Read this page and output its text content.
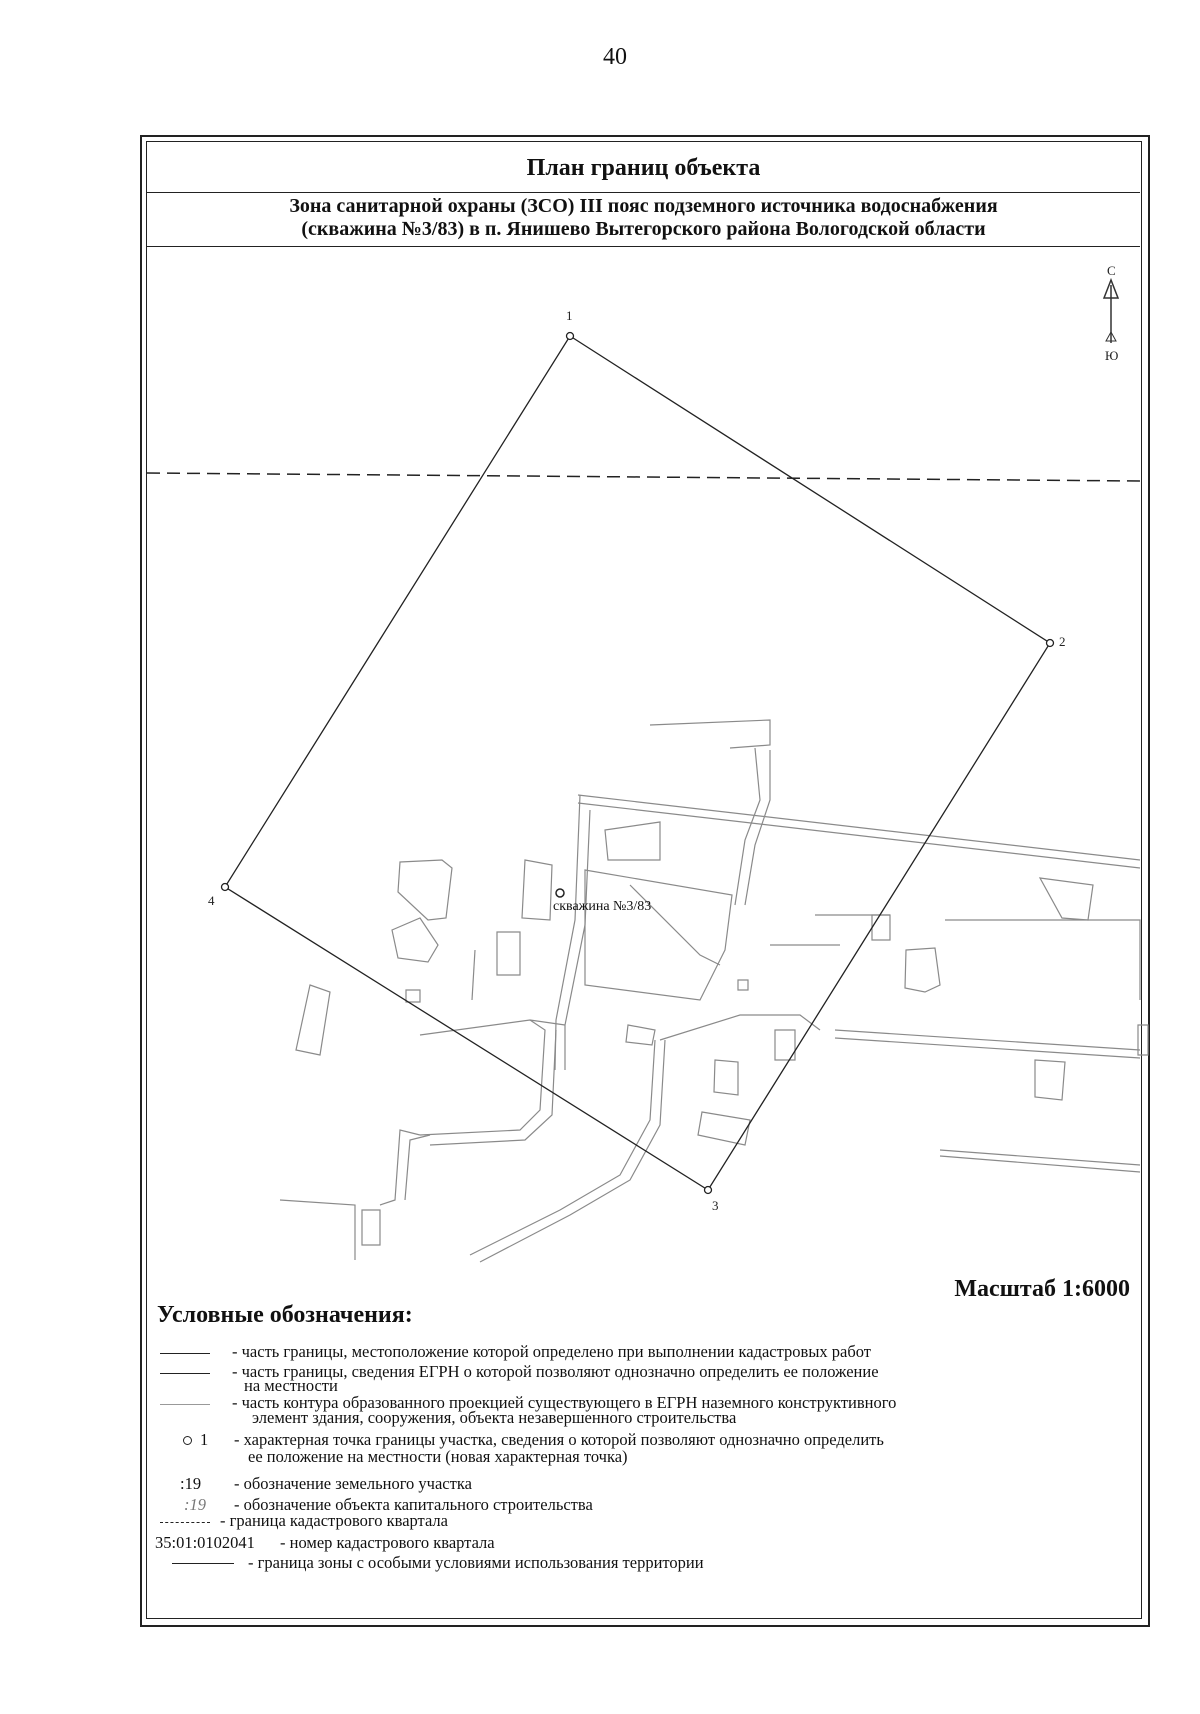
40
План границ объекта
Зона санитарной охраны (ЗСО) III пояс подземного источника водоснабжения
(скважина №3/83) в п. Янишево Вытегорского района Вологодской области
С
Ю
1
2
3
4	скважина №3/83
Масштаб 1:6000
Условные обозначения:
- часть границы, местоположение которой определено при выполнении кадастровых работ
- часть границы, сведения ЕГРН о которой позволяют однозначно определить ее положение
на местности
- часть контура образованного проекцией существующего в ЕГРН наземного конструктивного
элемент здания, сооружения, объекта незавершенного строительства
1 - характерная точка границы участка, сведения о которой позволяют однозначно определить
ее положение на местности (новая характерная точка)
:19 - обозначение земельного участка
:19 - обозначение объекта капитального строительства
- граница кадастрового квартала
35:01:0102041 - номер кадастрового квартала
- граница зоны с особыми условиями использования территории
